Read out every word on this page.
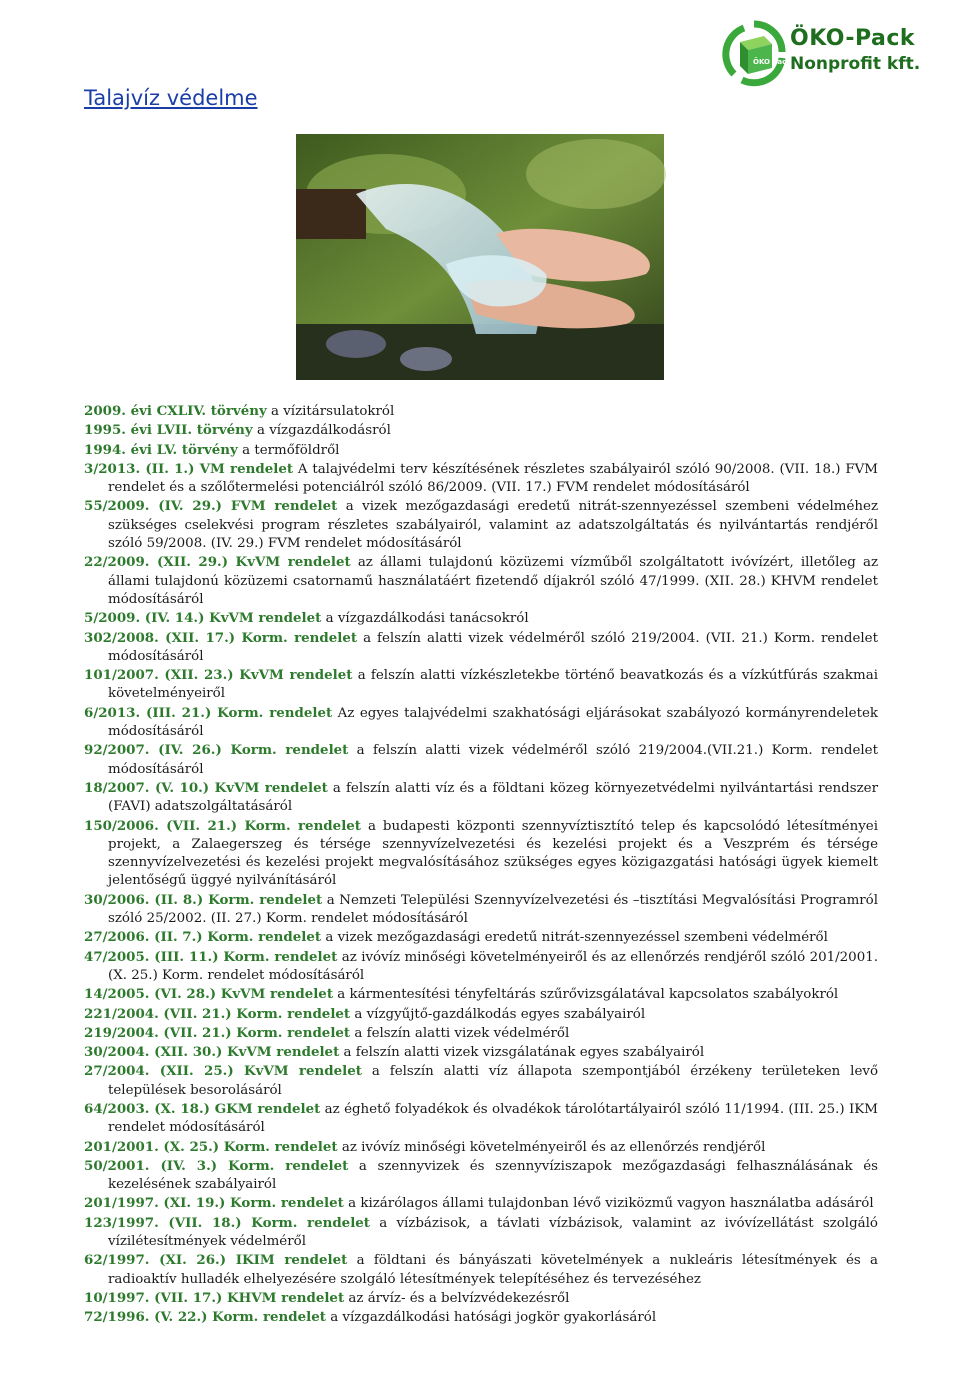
Talajvíz védelme
ÖKO Pack
ÖKO-Pack
Nonprofit kft.
2009. évi CXLIV. törvény a vízitársulatokról
1995. évi LVII. törvény a vízgazdálkodásról
1994. évi LV. törvény a termőföldről
3/2013. (II. 1.) VM rendelet A talajvédelmi terv készítésének részletes szabályairól szóló 90/2008. (VII. 18.) FVM rendelet és a szőlőtermelési potenciálról szóló 86/2009. (VII. 17.) FVM rendelet módosításáról
55/2009. (IV. 29.) FVM rendelet a vizek mezőgazdasági eredetű nitrát-szennyezéssel szembeni védelméhez szükséges cselekvési program részletes szabályairól, valamint az adatszolgáltatás és nyilvántartás rendjéről szóló 59/2008. (IV. 29.) FVM rendelet módosításáról
22/2009. (XII. 29.) KvVM rendelet az állami tulajdonú közüzemi vízműből szolgáltatott ivóvízért, illetőleg az állami tulajdonú közüzemi csatornamű használatáért fizetendő díjakról szóló 47/1999. (XII. 28.) KHVM rendelet módosításáról
5/2009. (IV. 14.) KvVM rendelet a vízgazdálkodási tanácsokról
302/2008. (XII. 17.) Korm. rendelet a felszín alatti vizek védelméről szóló 219/2004. (VII. 21.) Korm. rendelet módosításáról
101/2007. (XII. 23.) KvVM rendelet a felszín alatti vízkészletekbe történő beavatkozás és a vízkútfúrás szakmai követelményeiről
6/2013. (III. 21.) Korm. rendelet Az egyes talajvédelmi szakhatósági eljárásokat szabályozó kormányrendeletek módosításáról
92/2007. (IV. 26.) Korm. rendelet a felszín alatti vizek védelméről szóló 219/2004.(VII.21.) Korm. rendelet módosításáról
18/2007. (V. 10.) KvVM rendelet a felszín alatti víz és a földtani közeg környezetvédelmi nyilvántartási rendszer (FAVI) adatszolgáltatásáról
150/2006. (VII. 21.) Korm. rendelet a budapesti központi szennyvíztisztító telep és kapcsolódó létesítményei projekt, a Zalaegerszeg és térsége szennyvízelvezetési és kezelési projekt és a Veszprém és térsége szennyvízelvezetési és kezelési projekt megvalósításához szükséges egyes közigazgatási hatósági ügyek kiemelt jelentőségű üggyé nyilvánításáról
30/2006. (II. 8.) Korm. rendelet a Nemzeti Települési Szennyvízelvezetési és –tisztítási Megvalósítási Programról szóló 25/2002. (II. 27.) Korm. rendelet módosításáról
27/2006. (II. 7.) Korm. rendelet a vizek mezőgazdasági eredetű nitrát-szennyezéssel szembeni védelméről
47/2005. (III. 11.) Korm. rendelet az ivóvíz minőségi követelményeiről és az ellenőrzés rendjéről szóló 201/2001. (X. 25.) Korm. rendelet módosításáról
14/2005. (VI. 28.) KvVM rendelet a kármentesítési tényfeltárás szűrővizsgálatával kapcsolatos szabályokról
221/2004. (VII. 21.) Korm. rendelet a vízgyűjtő-gazdálkodás egyes szabályairól
219/2004. (VII. 21.) Korm. rendelet a felszín alatti vizek védelméről
30/2004. (XII. 30.) KvVM rendelet a felszín alatti vizek vizsgálatának egyes szabályairól
27/2004. (XII. 25.) KvVM rendelet a felszín alatti víz állapota szempontjából érzékeny területeken levő települések besorolásáról
64/2003. (X. 18.) GKM rendelet az éghető folyadékok és olvadékok tárolótartályairól szóló 11/1994. (III. 25.) IKM rendelet módosításáról
201/2001. (X. 25.) Korm. rendelet az ivóvíz minőségi követelményeiről és az ellenőrzés rendjéről
50/2001. (IV. 3.) Korm. rendelet a szennyvizek és szennyvíziszapok mezőgazdasági felhasználásának és kezelésének szabályairól
201/1997. (XI. 19.) Korm. rendelet a kizárólagos állami tulajdonban lévő viziközmű vagyon használatba adásáról
123/1997. (VII. 18.) Korm. rendelet a vízbázisok, a távlati vízbázisok, valamint az ivóvízellátást szolgáló vízilétesítmények védelméről
62/1997. (XI. 26.) IKIM rendelet a földtani és bányászati követelmények a nukleáris létesítmények és a radioaktív hulladék elhelyezésére szolgáló létesítmények telepítéséhez és tervezéséhez
10/1997. (VII. 17.) KHVM rendelet az árvíz- és a belvízvédekezésről
72/1996. (V. 22.) Korm. rendelet a vízgazdálkodási hatósági jogkör gyakorlásáról
